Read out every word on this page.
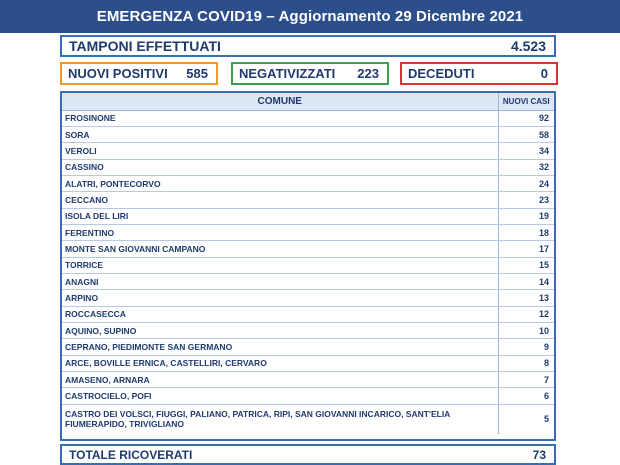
EMERGENZA COVID19 – Aggiornamento 29 Dicembre 2021
TAMPONI EFFETTUATI	4.523
NUOVI POSITIVI 585 NEGATIVIZZATI 223 DECEDUTI	0
COMUNE	NUOVI CASI
FROSINONE	92
SORA	58
VEROLI	34
CASSINO	32
ALATRI, PONTECORVO	24
CECCANO	23
ISOLA DEL LIRI	19
FERENTINO	18
MONTE SAN GIOVANNI CAMPANO	17
TORRICE	15
ANAGNI	14
ARPINO	13
ROCCASECCA	12
AQUINO, SUPINO	10
CEPRANO, PIEDIMONTE SAN GERMANO	9
ARCE, BOVILLE ERNICA, CASTELLIRI, CERVARO	8
AMASENO, ARNARA	7
CASTROCIELO, POFI	6
CASTRO DEI VOLSCI, FIUGGI, PALIANO, PATRICA, RIPI, SAN GIOVANNI INCARICO, SANT'ELIA FIUMERAPIDO, TRIVIGLIANO	5
TOTALE RICOVERATI	73
